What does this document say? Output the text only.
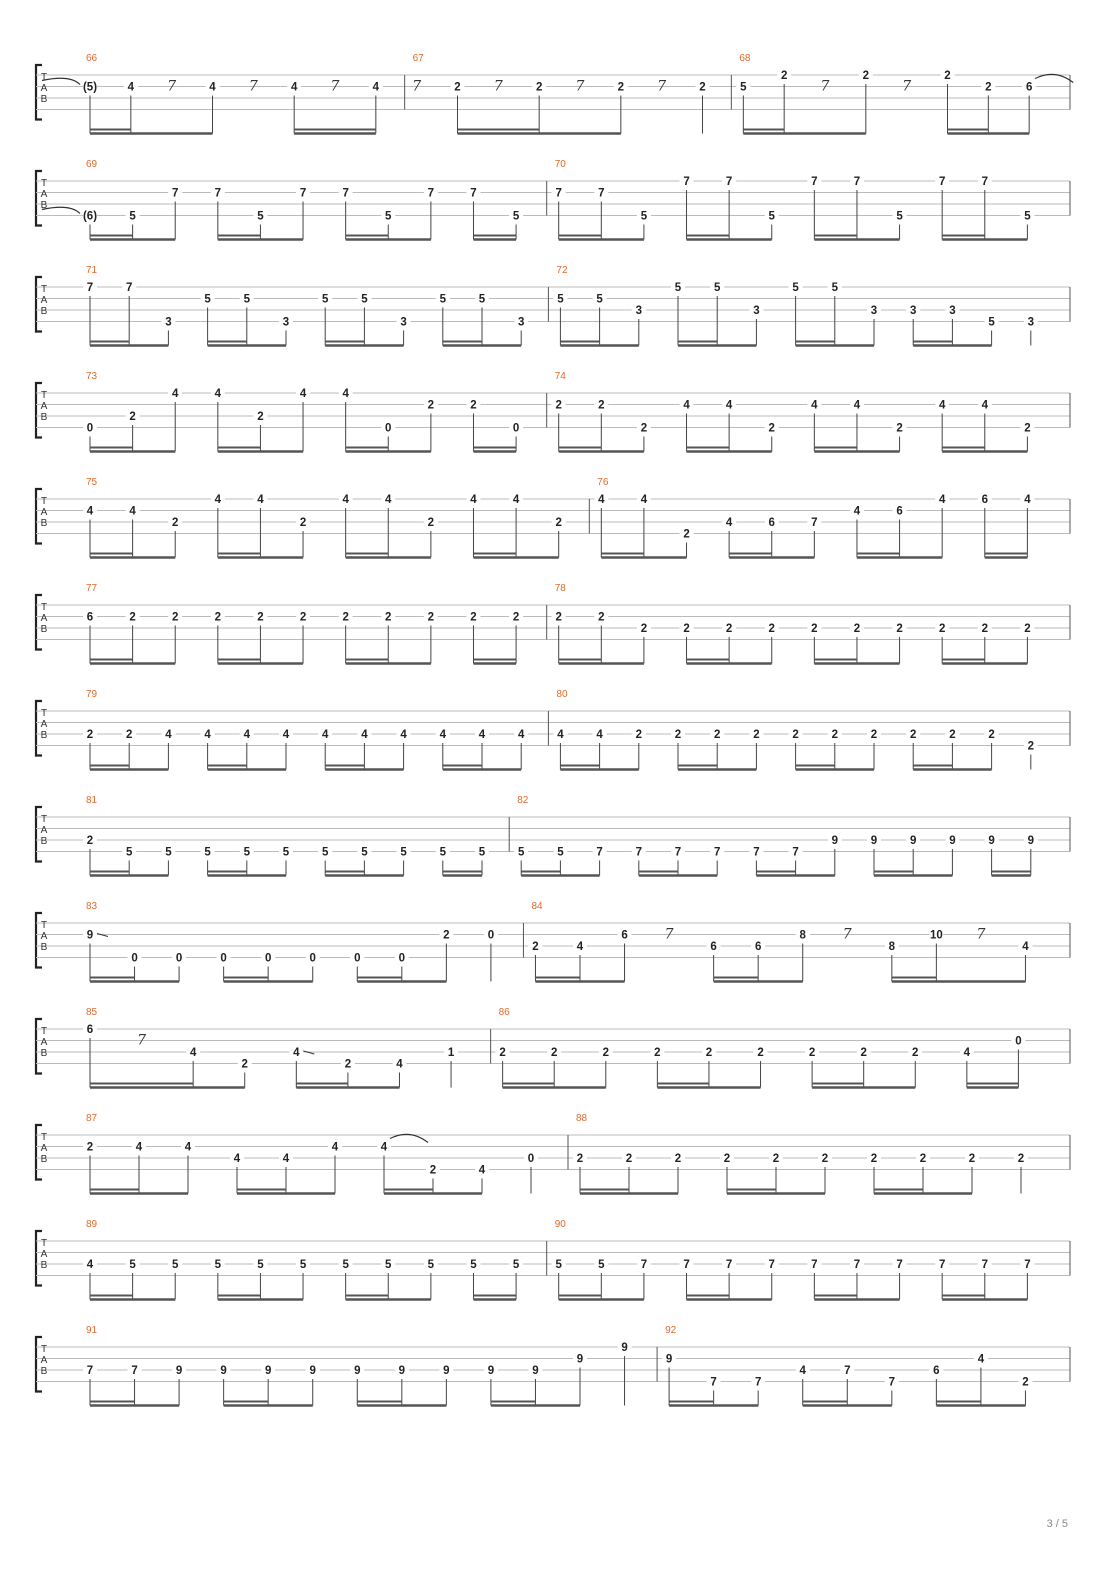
T
A
B
66
(5)	4 7	4 7	4 7	4
67
7	2 7	2 7	2 7	2
68
5
2
7
2
7
2
2	6
T
A
B
69
(6)	5
7	7
5
7	7
5
7	7
5
70
7	7
5
7	7
5
7	7
5
7	7
5
T
A
B
71
7	7
3
5	5
3
5	5
3
5	5
3
72
5	5
3
5	5
3
5	5
3	3	3
5	3
T
A
B
73
0
2
4	4
2
4	4
0
2	2
0
74
2	2
2
4	4
2
4	4
2
4	4
2
T
A
B
75
4	4
2
4	4
2
4	4
2
4	4
2
76
4	4
2
4	6	7
4	6
4	6	4
T
A
B
77
6	2	2	2	2	2	2	2	2	2	2
78
2	2
2	2	2	2	2	2	2	2	2	2
T
A
B
79
2	2	4	4	4	4	4	4	4	4	4	4
80
4	4	2	2	2	2	2	2	2	2	2	2
2
T
A
B
81
2
5	5	5	5	5	5	5	5	5	5
82
5	5	7	7	7	7	7	7
9	9	9	9	9	9
T
A
B
83
9
0	0	0	0	0	0	0
2	0
84
2	4
6	7
6	6
8	7
8
10 7
4
T
A
B
85
6
7
4
2
4
2	4
1
86
2	2	2	2	2	2	2	2	2	4
0
T
A
B
87
2	4	4
4	4
4	4
2	4
0
88
2	2	2	2	2	2	2	2	2	2
T
A
B
89
4	5	5	5	5	5	5	5	5	5	5
90
5	5	7	7	7	7	7	7	7	7	7	7
T
A
B
91
7	7	9	9	9	9	9	9	9	9	9
9
9
92
9
7	7
4	7
7
6
4
2
3 / 5
